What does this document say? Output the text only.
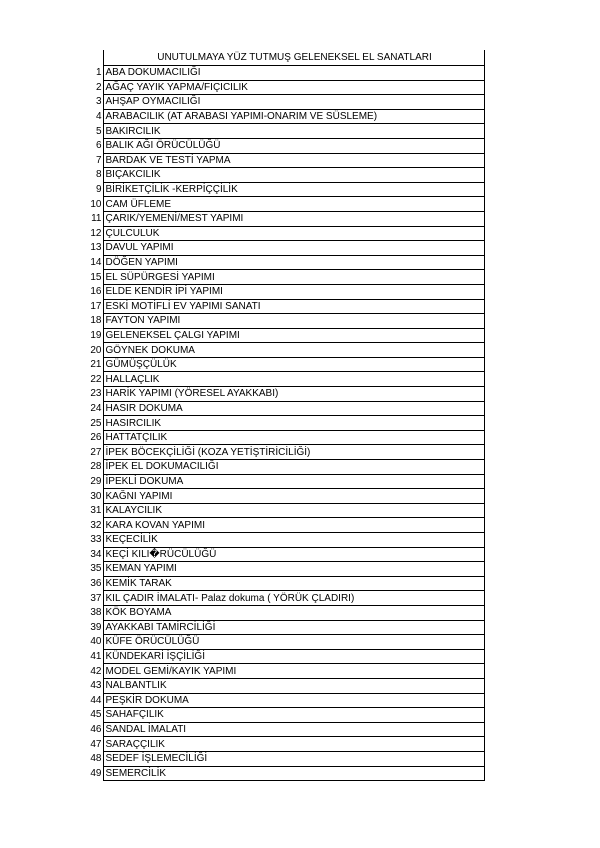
	UNUTULMAYA YÜZ TUTMUŞ GELENEKSEL EL SANATLARI
1	ABA DOKUMACILIĞI
2	AĞAÇ YAYIK YAPMA/FIÇICILIK
3	AHŞAP OYMACILIĞI
4	ARABACILIK (AT ARABASI YAPIMI-ONARIM VE SÜSLEME)
5	BAKIRCILIK
6	BALIK AĞI ÖRÜCÜLÜĞÜ
7	BARDAK VE TESTİ YAPMA
8	BIÇAKCILIK
9	BİRİKETÇİLİK -KERPİÇÇİLİK
10	CAM ÜFLEME
11	ÇARIK/YEMENİ/MEST YAPIMI
12	ÇULCULUK
13	DAVUL YAPIMI
14	DÖĞEN YAPIMI
15	EL SÜPÜRGESİ YAPIMI
16	ELDE KENDİR İPİ YAPIMI
17	ESKİ MOTİFLİ EV YAPIMI SANATI
18	FAYTON YAPIMI
19	GELENEKSEL ÇALGI YAPIMI
20	GÖYNEK DOKUMA
21	GÜMÜŞÇÜLÜK
22	HALLAÇLIK
23	HARİK YAPIMI (YÖRESEL AYAKKABI)
24	HASIR DOKUMA
25	HASIRCILIK
26	HATTATÇILIK
27	İPEK BÖCEKÇİLİĞİ (KOZA YETİŞTİRİCİLİĞİ)
28	İPEK EL DOKUMACILIĞI
29	İPEKLİ DOKUMA
30	KAĞNI YAPIMI
31	KALAYCILIK
32	KARA KOVAN YAPIMI
33	KEÇECİLİK
34	KEÇİ KILI�RÜCÜLÜĞÜ
35	KEMAN YAPIMI
36	KEMİK TARAK
37	KIL ÇADIR İMALATI- Palaz dokuma ( YÖRÜK ÇLADIRI)
38	KÖK BOYAMA
39	AYAKKABI TAMİRCİLİĞİ
40	KÜFE ÖRÜCÜLÜĞÜ
41	KÜNDEKARİ İŞÇİLİĞİ
42	MODEL GEMİ/KAYIK YAPIMI
43	NALBANTLIK
44	PEŞKİR DOKUMA
45	SAHAFÇILIK
46	SANDAL İMALATI
47	SARAÇÇILIK
48	SEDEF İŞLEMECİLİĞİ
49	SEMERCİLİK
